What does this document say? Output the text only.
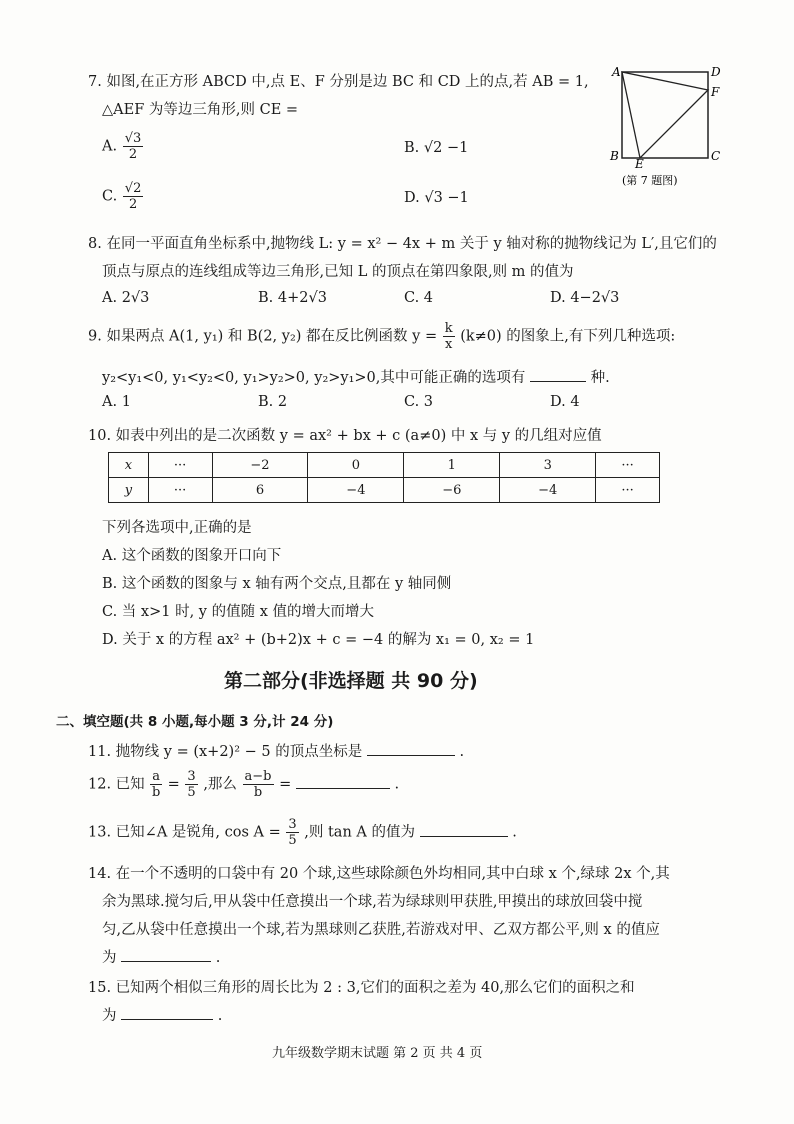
7. 如图,在正方形 ABCD 中,点 E、F 分别是边 BC 和 CD 上的点,若 AB = 1,
△AEF 为等边三角形,则 CE =
A. $\frac{√3}{2}$	B. √2 −1
C. $\frac{√2}{2}$	D. √3 −1
A	D
F
B
E
C
(第 7 题图)
8. 在同一平面直角坐标系中,抛物线 L: y = x² − 4x + m 关于 y 轴对称的抛物线记为 L′,且它们的
顶点与原点的连线组成等边三角形,已知 L 的顶点在第四象限,则 m 的值为
A. 2√3	B. 4+2√3	C. 4	D. 4−2√3
9. 如果两点 A(1, y₁) 和 B(2, y₂) 都在反比例函数 $y = \frac{k}{x} (k\ne 0)$ 的图象上,有下列几种选项:
y₂<y₁<0, y₁<y₂<0, y₁>y₂>0, y₂>y₁>0,其中可能正确的选项有	种.
A. 1	B. 2	C. 3	D. 4
10. 如表中列出的是二次函数 y = ax² + bx + c (a≠0) 中 x 与 y 的几组对应值
x	···	−2	0	1	3	···
y	···	6	−4	−6	−4	···
下列各选项中,正确的是
A. 这个函数的图象开口向下
B. 这个函数的图象与 x 轴有两个交点,且都在 y 轴同侧
C. 当 x>1 时, y 的值随 x 值的增大而增大
D. 关于 x 的方程 ax² + (b+2)x + c = −4 的解为 x₁ = 0, x₂ = 1
第二部分(非选择题 共 90 分)
二、填空题(共 8 小题,每小题 3 分,计 24 分)
11. 抛物线 y = (x+2)² − 5 的顶点坐标是	.
12. 已知 $\frac{a}{b} = \frac{3}{5}$ ,那么 $\frac{a-b}{b}$ =	.
13. 已知∠A 是锐角, $\cos A = \frac{3}{5}$ ,则 tan A 的值为	.
14. 在一个不透明的口袋中有 20 个球,这些球除颜色外均相同,其中白球 x 个,绿球 2x 个,其
余为黑球.搅匀后,甲从袋中任意摸出一个球,若为绿球则甲获胜,甲摸出的球放回袋中搅
匀,乙从袋中任意摸出一个球,若为黑球则乙获胜,若游戏对甲、乙双方都公平,则 x 的值应
为	.
15. 已知两个相似三角形的周长比为 2 : 3,它们的面积之差为 40,那么它们的面积之和
为	.
九年级数学期末试题 第 2 页 共 4 页
